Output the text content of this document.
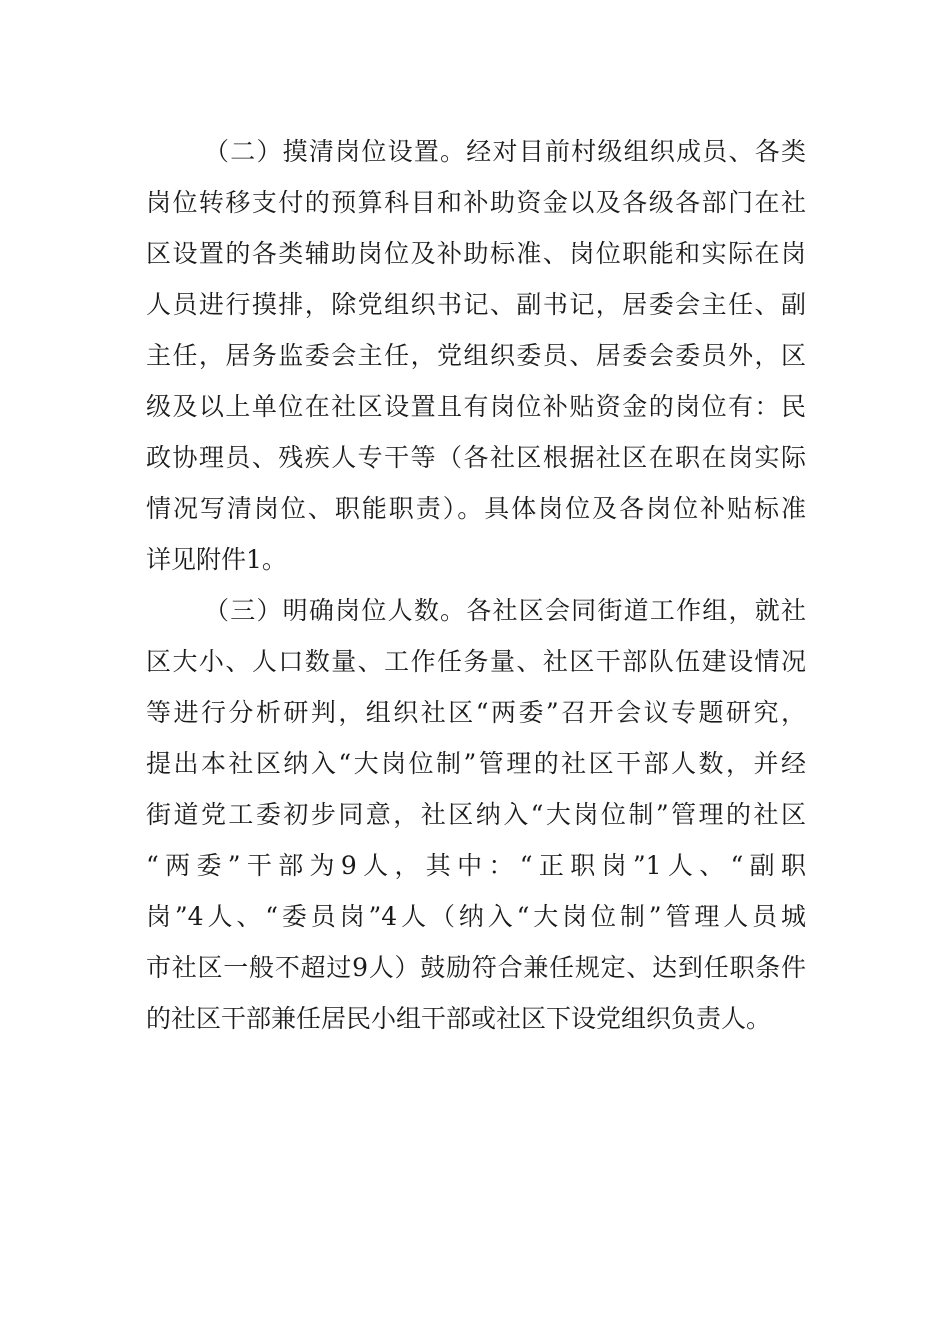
（二）摸清岗位设置。经对目前村级组织成员、各类
岗位转移支付的预算科目和补助资金以及各级各部门在社
区设置的各类辅助岗位及补助标准、岗位职能和实际在岗
人员进行摸排，除党组织书记、副书记，居委会主任、副
主任，居务监委会主任，党组织委员、居委会委员外，区
级及以上单位在社区设置且有岗位补贴资金的岗位有：民
政协理员、残疾人专干等（各社区根据社区在职在岗实际
情况写清岗位、职能职责）。具体岗位及各岗位补贴标准
详见附件1。
（三）明确岗位人数。各社区会同街道工作组，就社
区大小、人口数量、工作任务量、社区干部队伍建设情况
等进行分析研判，组织社区“两委”召开会议专题研究，
提出本社区纳入“大岗位制”管理的社区干部人数，并经
街道党工委初步同意，社区纳入“大岗位制”管理的社区
“两委”干部为9人，其中：“正职岗”1人、“副职
岗”4人、“委员岗”4人（纳入“大岗位制”管理人员城
市社区一般不超过9人）鼓励符合兼任规定、达到任职条件
的社区干部兼任居民小组干部或社区下设党组织负责人。
